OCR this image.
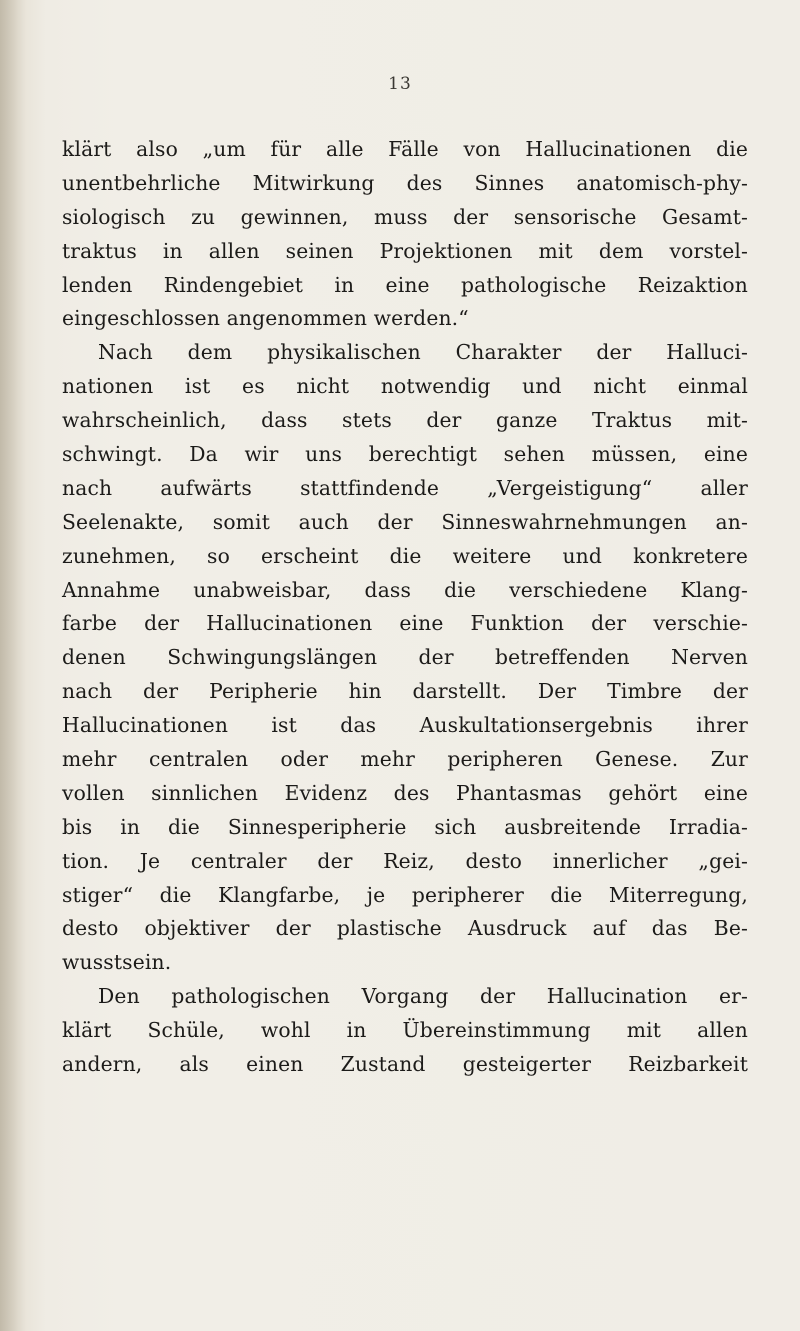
13
klärt also „um für alle Fälle von Hallucinationen die
unentbehrliche Mitwirkung des Sinnes anatomisch-phy-
siologisch zu gewinnen, muss der sensorische Gesamt-
traktus in allen seinen Projektionen mit dem vorstel-
lenden Rindengebiet in eine pathologische Reizaktion
eingeschlossen angenommen werden.“
Nach dem physikalischen Charakter der Halluci-
nationen ist es nicht notwendig und nicht einmal
wahrscheinlich, dass stets der ganze Traktus mit-
schwingt. Da wir uns berechtigt sehen müssen, eine
nach aufwärts stattfindende „Vergeistigung“ aller
Seelenakte, somit auch der Sinneswahrnehmungen an-
zunehmen, so erscheint die weitere und konkretere
Annahme unabweisbar, dass die verschiedene Klang-
farbe der Hallucinationen eine Funktion der verschie-
denen Schwingungslängen der betreffenden Nerven
nach der Peripherie hin darstellt. Der Timbre der
Hallucinationen ist das Auskultationsergebnis ihrer
mehr centralen oder mehr peripheren Genese. Zur
vollen sinnlichen Evidenz des Phantasmas gehört eine
bis in die Sinnesperipherie sich ausbreitende Irradia-
tion. Je centraler der Reiz, desto innerlicher „gei-
stiger“ die Klangfarbe, je peripherer die Miterregung,
desto objektiver der plastische Ausdruck auf das Be-
wusstsein.
Den pathologischen Vorgang der Hallucination er-
klärt Schüle, wohl in Übereinstimmung mit allen
andern, als einen Zustand gesteigerter Reizbarkeit
